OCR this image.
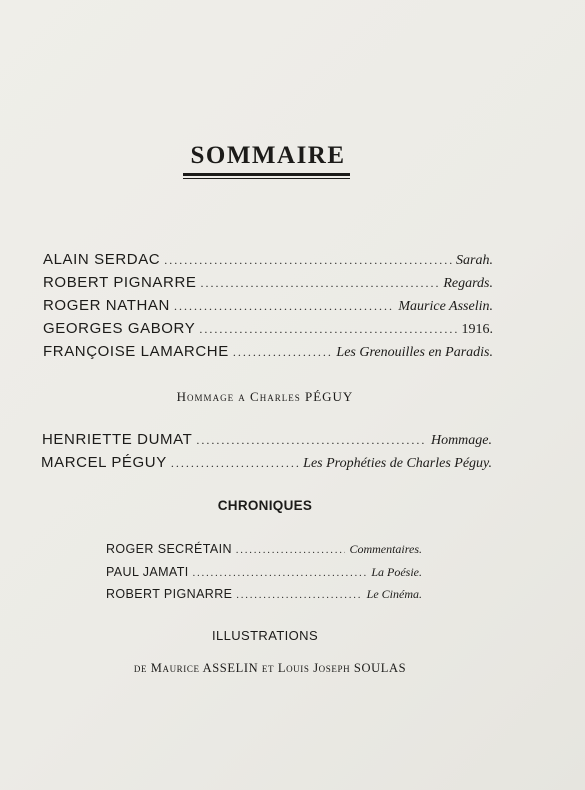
SOMMAIRE
ALAIN SERDAC .....	Sarah.
ROBERT PIGNARRE .....	Regards.
ROGER NATHAN .....	Maurice Asselin.
GEORGES GABORY .....	1916.
FRANÇOISE LAMARCHE .....	Les Grenouilles en Paradis.
Hommage a Charles PÉGUY
HENRIETTE DUMAT .....	Hommage.
MARCEL PÉGUY .....	Les Prophéties de Charles Péguy.
CHRONIQUES
ROGER SECRÉTAIN .....	Commentaires.
PAUL JAMATI .....	La Poésie.
ROBERT PIGNARRE .....	Le Cinéma.
ILLUSTRATIONS
de Maurice ASSELIN et Louis Joseph SOULAS
